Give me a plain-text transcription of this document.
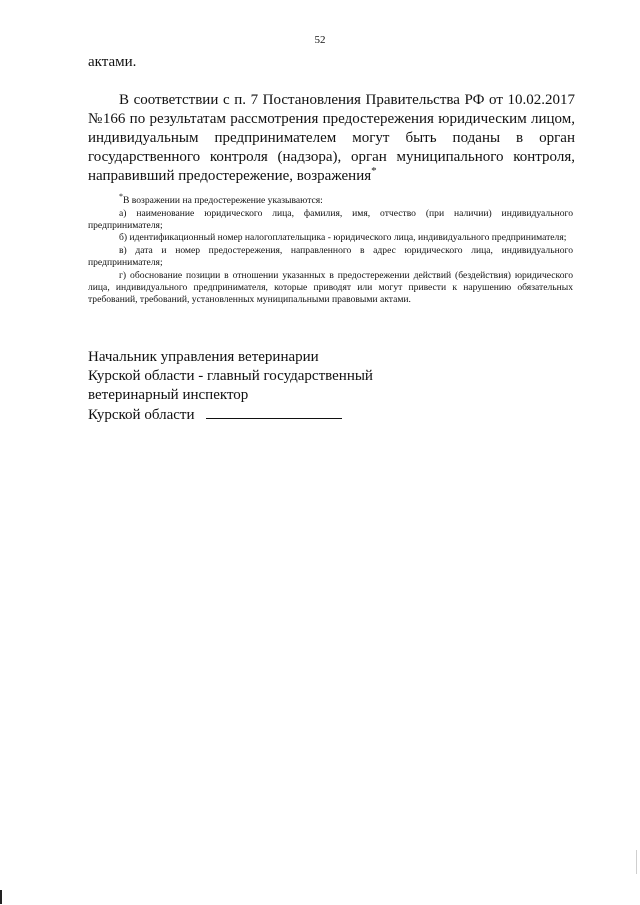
52
актами.
В соответствии с п. 7 Постановления Правительства РФ от 10.02.2017 №166 по результатам рассмотрения предостережения юридическим лицом, индивидуальным предпринимателем могут быть поданы в орган государственного контроля (надзора), орган муниципального контроля, направивший предостережение, возражения*

*В возражении на предостережение указываются:

а) наименование юридического лица, фамилия, имя, отчество (при наличии) индивидуального предпринимателя;

б) идентификационный номер налогоплательщика - юридического лица, индивидуального предпринимателя;

в) дата и номер предостережения, направленного в адрес юридического лица, индивидуального предпринимателя;

г) обоснование позиции в отношении указанных в предостережении действий (бездействия) юридического лица, индивидуального предпринимателя, которые приводят или могут привести к нарушению обязательных требований, требований, установленных муниципальными правовыми актами.

Начальник управления ветеринарии
Курской области - главный государственный
ветеринарный инспектор
Курской области
